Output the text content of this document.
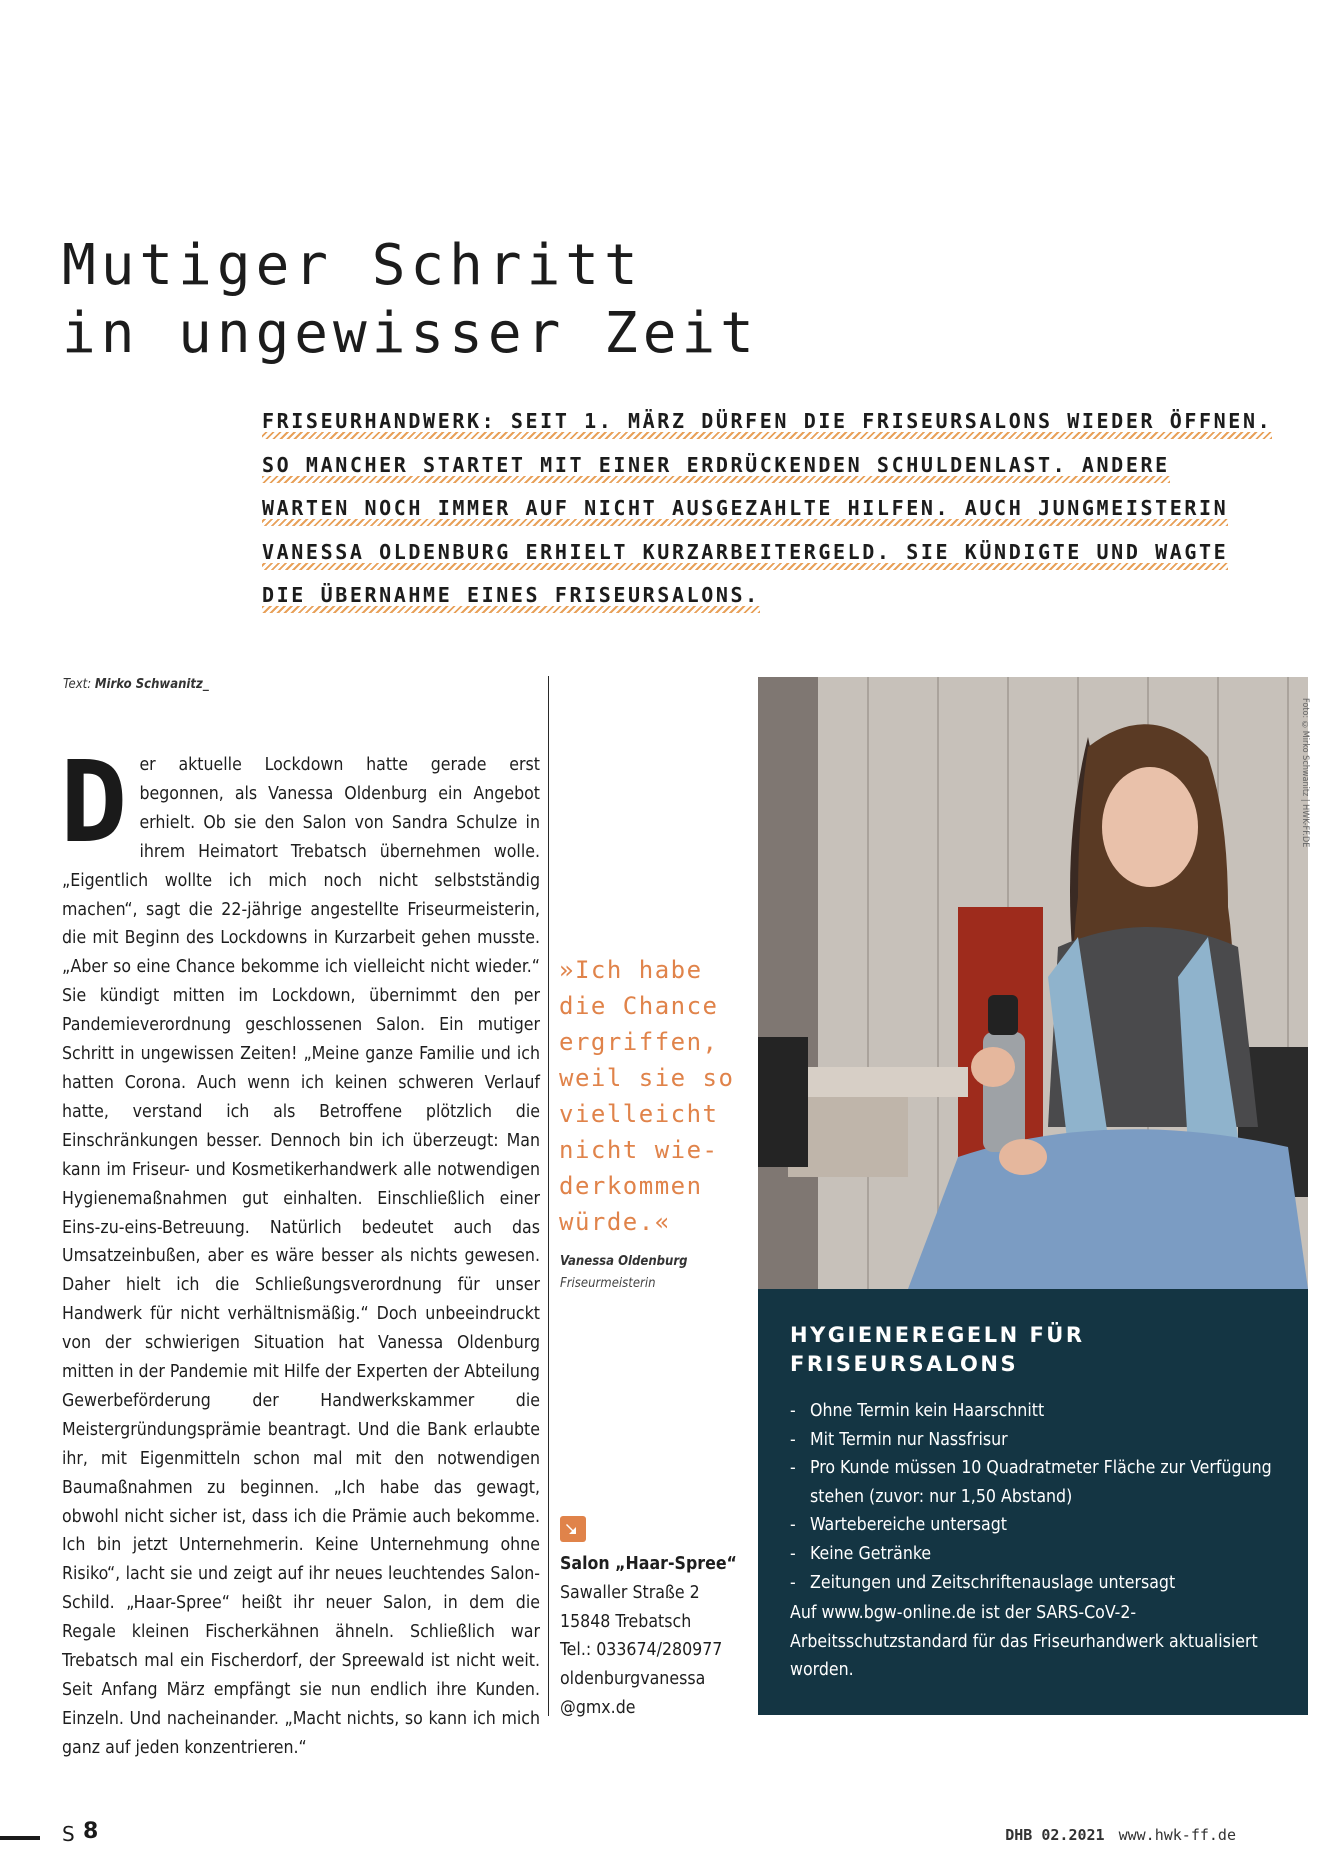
Mutiger Schritt
in ungewisser Zeit
FRISEURHANDWERK: SEIT 1. MÄRZ DÜRFEN DIE FRISEURSALONS WIEDER ÖFFNEN.
SO MANCHER STARTET MIT EINER ERDRÜCKENDEN SCHULDENLAST. ANDERE
WARTEN NOCH IMMER AUF NICHT AUSGEZAHLTE HILFEN. AUCH JUNGMEISTERIN
VANESSA OLDENBURG ERHIELT KURZARBEITERGELD. SIE KÜNDIGTE UND WAGTE
DIE ÜBERNAHME EINES FRISEURSALONS.
Text: Mirko Schwanitz_
D er aktuelle Lockdown hatte gerade erst begonnen, als Vanessa Oldenburg ein Angebot erhielt. Ob sie den Salon von Sandra Schulze in ihrem Heimatort Trebatsch übernehmen wolle. „Eigentlich wollte ich mich noch nicht selbstständig machen“, sagt die 22-jährige angestellte Friseurmeisterin, die mit Beginn des Lockdowns in Kurzarbeit gehen musste. „Aber so eine Chance bekomme ich vielleicht nicht wieder.“ Sie kündigt mitten im Lockdown, übernimmt den per Pandemieverordnung geschlossenen Salon. Ein mutiger Schritt in ungewissen Zeiten! „Meine ganze Familie und ich hatten Corona. Auch wenn ich keinen schweren Verlauf hatte, verstand ich als Betroffene plötzlich die Einschränkungen besser. Dennoch bin ich überzeugt: Man kann im Friseur- und Kosmetikerhandwerk alle notwendigen Hygienemaßnahmen gut einhalten. Einschließlich einer Eins-zu-eins-Betreuung. Natürlich bedeutet auch das Umsatzeinbußen, aber es wäre besser als nichts gewesen. Daher hielt ich die Schließungsverordnung für unser Handwerk für nicht verhältnismäßig.“ Doch unbeeindruckt von der schwierigen Situation hat Vanessa Oldenburg mitten in der Pandemie mit Hilfe der Experten der Abteilung Gewerbeförderung der Handwerkskammer die Meistergründungsprämie beantragt. Und die Bank erlaubte ihr, mit Eigenmitteln schon mal mit den notwendigen Baumaßnahmen zu beginnen. „Ich habe das gewagt, obwohl nicht sicher ist, dass ich die Prämie auch bekomme. Ich bin jetzt Unternehmerin. Keine Unternehmung ohne Risiko“, lacht sie und zeigt auf ihr neues leuchtendes Salon-Schild. „Haar-Spree“ heißt ihr neuer Salon, in dem die Regale kleinen Fischerkähnen ähneln. Schließlich war Trebatsch mal ein Fischerdorf, der Spreewald ist nicht weit. Seit Anfang März empfängt sie nun endlich ihre Kunden. Einzeln. Und nacheinander. „Macht nichts, so kann ich mich ganz auf jeden konzentrieren.“
»Ich habe
die Chance
ergriffen,
weil sie so
vielleicht
nicht wie-
derkommen
würde.«
Vanessa Oldenburg
Friseurmeisterin
Salon „Haar-Spree“
Sawaller Straße 2
15848 Trebatsch
Tel.: 033674/280977
oldenburgvanessa
@gmx.de
Foto: ©Mirko Schwanitz | HWK-FF.DE
HYGIENEREGELN FÜR
FRISEURSALONS
- Ohne Termin kein Haarschnitt
- Mit Termin nur Nassfrisur
- Pro Kunde müssen 10 Quadratmeter Fläche zur Verfügung stehen (zuvor: nur 1,50 Abstand)
- Wartebereiche untersagt
- Keine Getränke
- Zeitungen und Zeitschriftenauslage untersagt

Auf www.bgw-online.de ist der SARS-CoV-2-Arbeitsschutzstandard für das Friseurhandwerk aktualisiert worden.

S 8	DHB 02.2021 www.hwk-ff.de
